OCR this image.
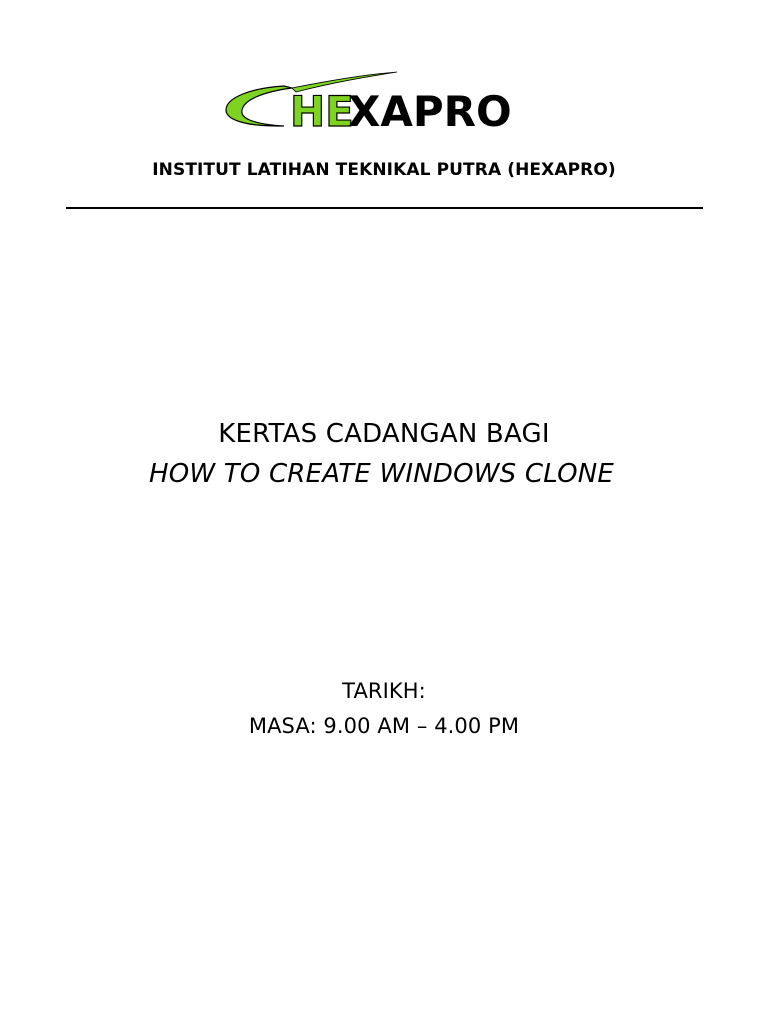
HE
XAPRO
INSTITUT LATIHAN TEKNIKAL PUTRA (HEXAPRO)
KERTAS CADANGAN BAGI
HOW TO CREATE WINDOWS CLONE
TARIKH:
MASA: 9.00 AM – 4.00 PM
